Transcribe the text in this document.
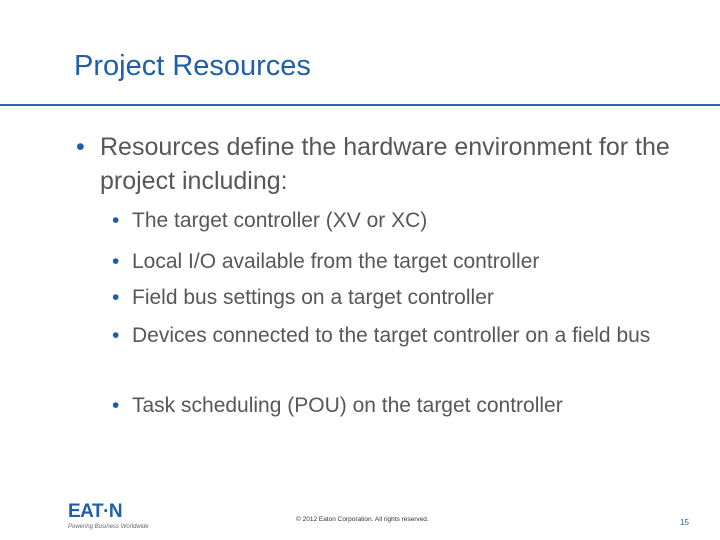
Project Resources
• Resources define the hardware environment for the project including:
• The target controller (XV or XC)
• Local I/O available from the target controller
• Field bus settings on a target controller
• Devices connected to the target controller on a field bus
• Task scheduling (POU) on the target controller
EAT·N
Powering Business Worldwide
© 2012 Eaton Corporation. All rights reserved.	15
